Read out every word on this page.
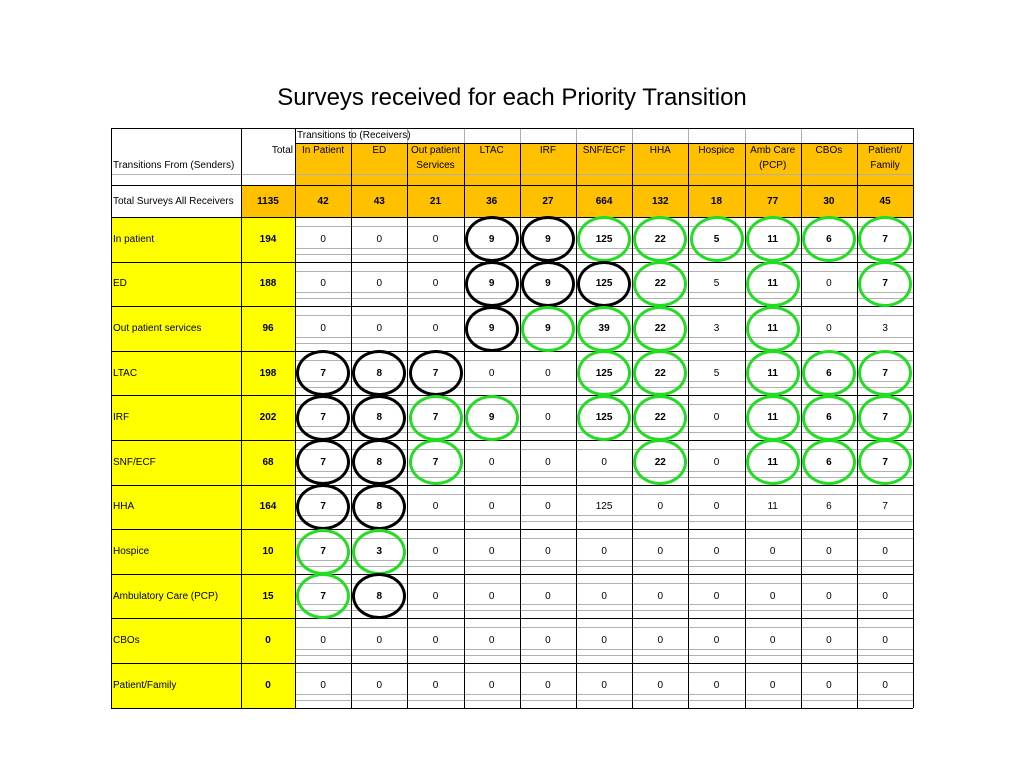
Surveys received for each Priority Transition
Transitions to (Receivers)
Total
Transitions From (Senders)
In Patient	ED	Out patient
Services
LTAC	IRF	SNF/ECF	HHA	Hospice	Amb Care
(PCP)
CBOs	Patient/
Family
Total Surveys All Receivers	1135	42	43	21	36	27	664	132	18	77	30	45
In patient	194	0	0	0	9	9	125	22	5	11	6	7
ED	188	0	0	0	9	9	125	22	5	11	0	7
Out patient services	96	0	0	0	9	9	39	22	3	11	0	3
LTAC	198	7	8	7	0	0	125	22	5	11	6	7
IRF	202	7	8	7	9	0	125	22	0	11	6	7
SNF/ECF	68	7	8	7	0	0	0	22	0	11	6	7
HHA	164	7	8	0	0	0	125	0	0	11	6	7
Hospice	10	7	3	0	0	0	0	0	0	0	0	0
Ambulatory Care (PCP)	15	7	8	0	0	0	0	0	0	0	0	0
CBOs	0	0	0	0	0	0	0	0	0	0	0	0
Patient/Family	0	0	0	0	0	0	0	0	0	0	0	0
